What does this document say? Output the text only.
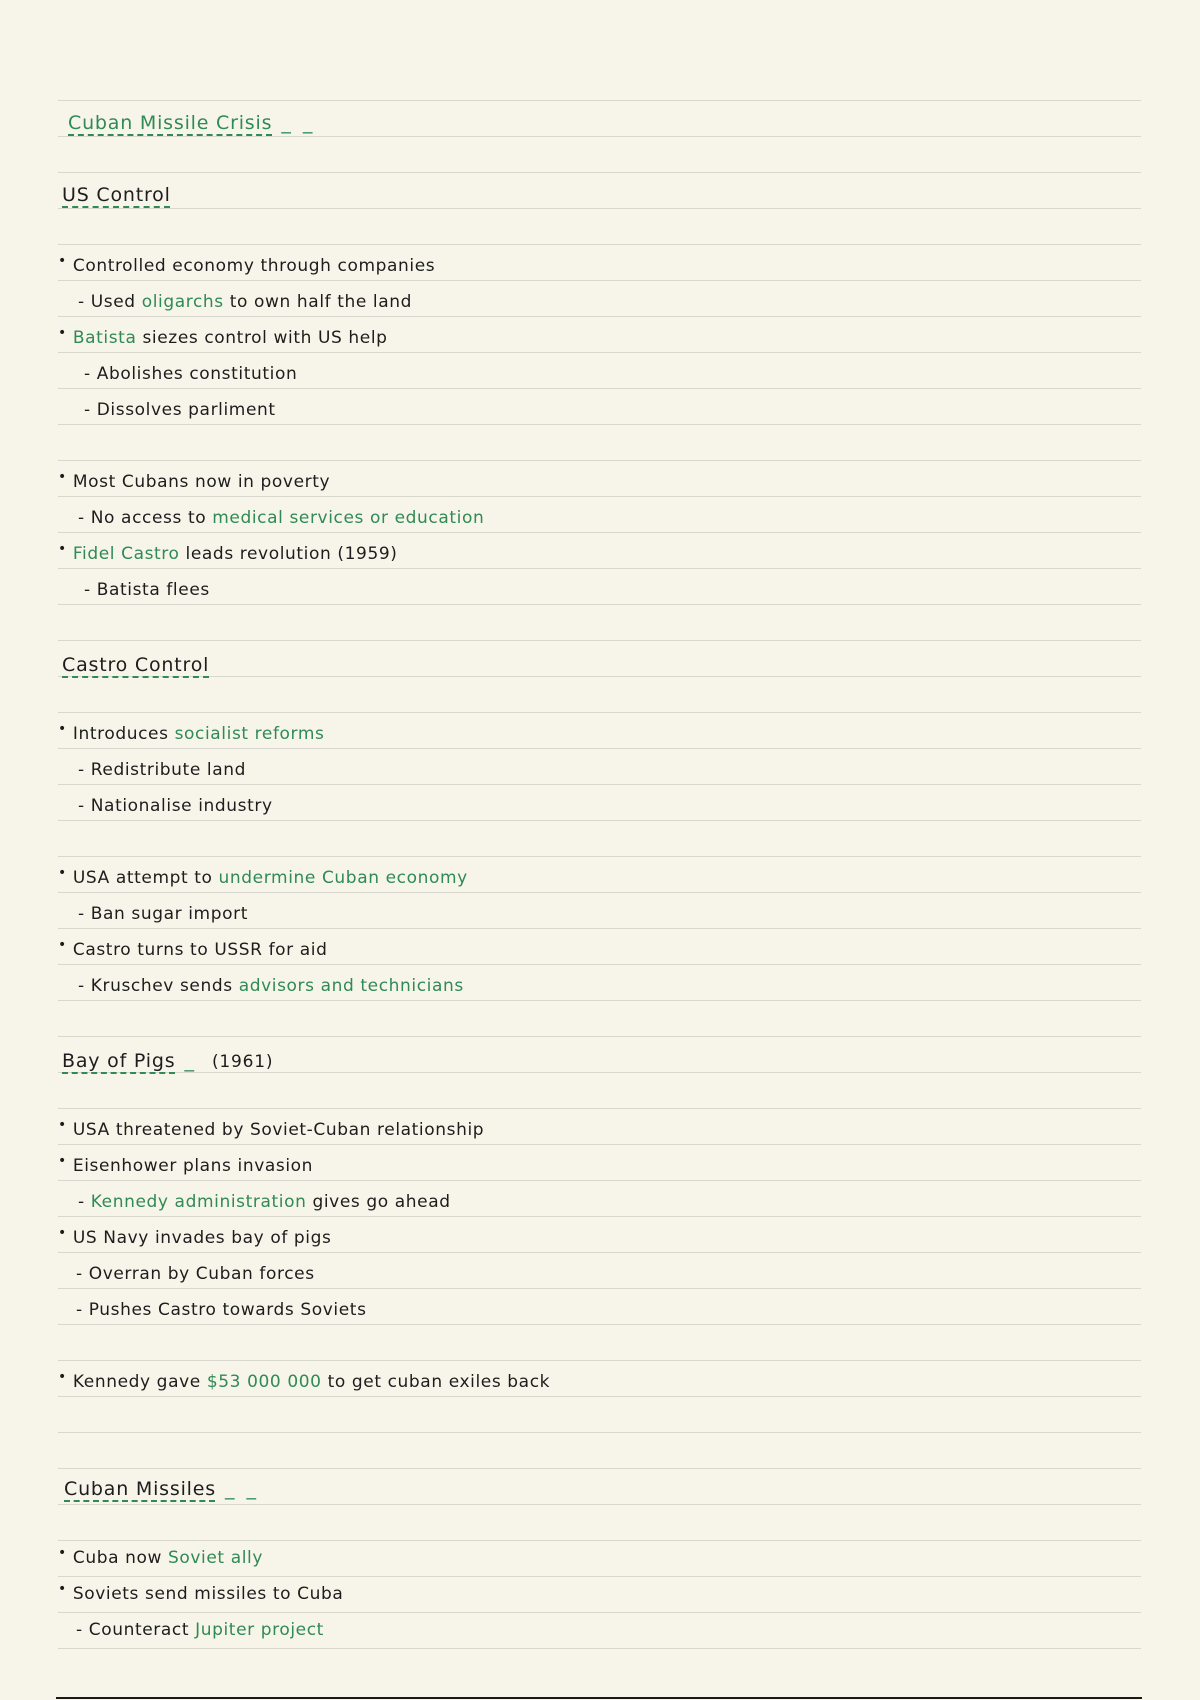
Cuban Missile Crisis _ _
US Control
• Controlled economy through companies
- Used oligarchs to own half the land
• Batista siezes control with US help
- Abolishes constitution
- Dissolves parliment
• Most Cubans now in poverty
- No access to medical services or education
• Fidel Castro leads revolution (1959)
- Batista flees
Castro Control
• Introduces socialist reforms
- Redistribute land
- Nationalise industry
• USA attempt to undermine Cuban economy
- Ban sugar import
• Castro turns to USSR for aid
- Kruschev sends advisors and technicians
Bay of Pigs _ (1961)
• USA threatened by Soviet-Cuban relationship
• Eisenhower plans invasion
- Kennedy administration gives go ahead
• US Navy invades bay of pigs
- Overran by Cuban forces
- Pushes Castro towards Soviets
• Kennedy gave $53 000 000 to get cuban exiles back
Cuban Missiles _ _
• Cuba now Soviet ally
• Soviets send missiles to Cuba
- Counteract Jupiter project
